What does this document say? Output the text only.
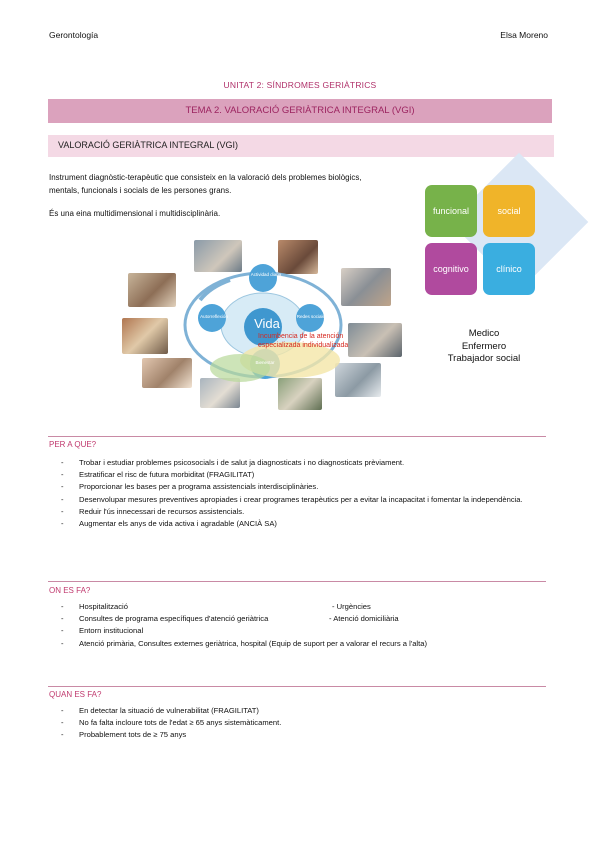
Gerontología	Elsa Moreno
UNITAT 2: SÍNDROMES GERIÀTRICS
TEMA 2. VALORACIÓ GERIÀTRICA INTEGRAL (VGI)
VALORACIÓ GERIÀTRICA INTEGRAL (VGI)

Instrument diagnòstic-terapèutic que consisteix en la valoració dels problemes biològics, mentals, funcionals i socials de les persones grans.

És una eina multidimensional i multidisciplinària.	funcional	social
cognitivo	clínico
Medico
Enfermero
Trabajador social
Vida
Actividad diaria
Autorreflexión	Redes sociales
Bienestar
Incumbencia de la atención especializada individualizada
PER A QUE?
- Trobar i estudiar problemes psicosocials i de salut ja diagnosticats i no diagnosticats prèviament.
- Estratificar el risc de futura morbiditat (FRAGILITAT)
- Proporcionar les bases per a programa assistencials interdisciplinàries.
- Desenvolupar mesures preventives apropiades i crear programes terapèutics per a evitar la incapacitat i fomentar la independència.
- Reduir l'ús innecessari de recursos assistencials.
- Augmentar els anys de vida activa i agradable (ANCIÀ SA)
ON ES FA?
- Hospitalització
- Consultes de programa específiques d'atenció geriàtrica
- Entorn institucional
- Atenció primària, Consultes externes geriàtrica, hospital (Equip de suport per a valorar el recurs a l'alta)
- Urgències
- Atenció domiciliària
QUAN ES FA?
- En detectar la situació de vulnerabilitat (FRAGILITAT)
- No fa falta incloure tots de l'edat ≥ 65 anys sistemàticament.
- Probablement tots de ≥ 75 anys
